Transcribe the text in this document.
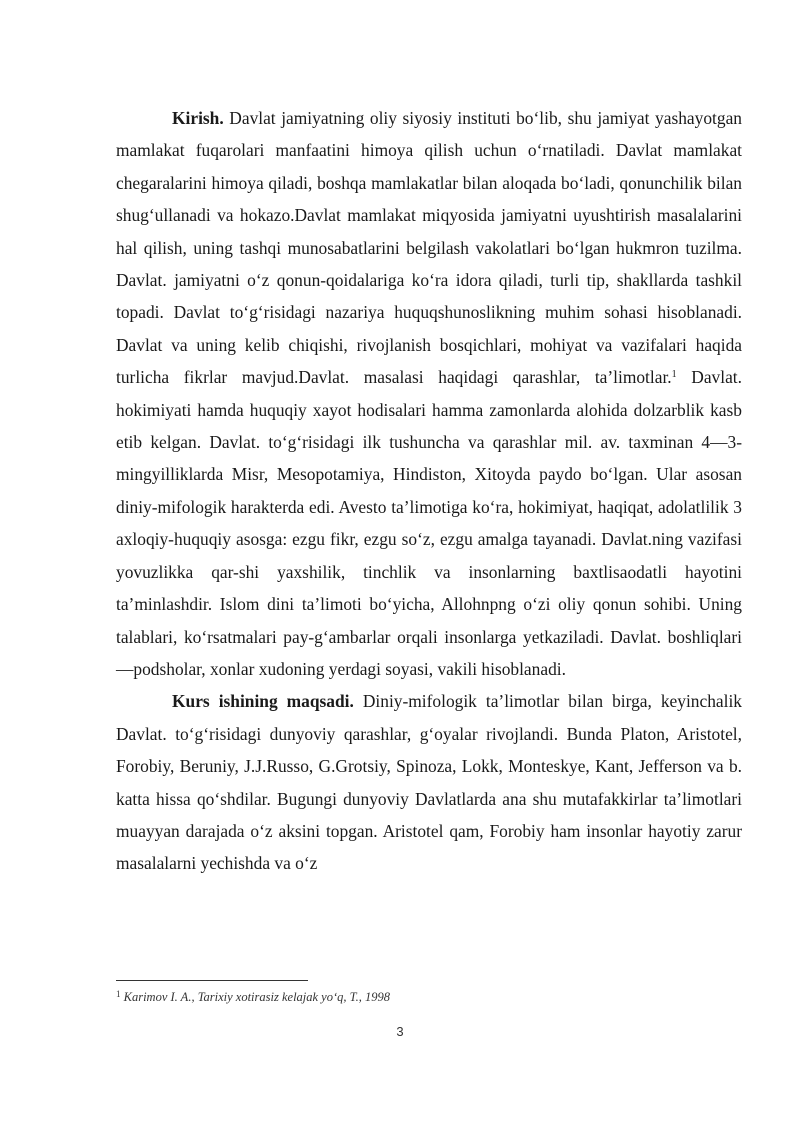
Kirish. Davlat jamiyatning oliy siyosiy instituti bo‘lib, shu jamiyat yashayotgan mamlakat fuqarolari manfaatini himoya qilish uchun o‘rnatiladi. Davlat mamlakat chegaralarini himoya qiladi, boshqa mamlakatlar bilan aloqada bo‘ladi, qonunchilik bilan shug‘ullanadi va hokazo.Davlat mamlakat miqyosida jamiyatni uyushtirish masalalarini hal qilish, uning tashqi munosabatlarini belgilash vakolatlari bo‘lgan hukmron tuzilma. Davlat. jamiyatni o‘z qonun-qoidalariga ko‘ra idora qiladi, turli tip, shakllarda tashkil topadi. Davlat to‘g‘risidagi nazariya huquqshunoslikning muhim sohasi hisoblanadi. Davlat va uning kelib chiqishi, rivojlanish bosqichlari, mohiyat va vazifalari haqida turlicha fikrlar mavjud.Davlat. masalasi haqidagi qarashlar, ta’limotlar.$^1$ Davlat. hokimiyati hamda huquqiy xayot hodisalari hamma zamonlarda alohida dolzarblik kasb etib kelgan. Davlat. to‘g‘risidagi ilk tushuncha va qarashlar mil. av. taxminan 4—3-mingyilliklarda Misr, Mesopotamiya, Hindiston, Xitoyda paydo bo‘lgan. Ular asosan diniy-mifologik harakterda edi. Avesto ta’limotiga ko‘ra, hokimiyat, haqiqat, adolatlilik 3 axloqiy-huquqiy asosga: ezgu fikr, ezgu so‘z, ezgu amalga tayanadi. Davlat.ning vazifasi yovuzlikka qar-shi yaxshilik, tinchlik va insonlarning baxtlisaodatli hayotini ta’minlashdir. Islom dini ta’limoti bo‘yicha, Allohnpng o‘zi oliy qonun sohibi. Uning talablari, ko‘rsatmalari pay-g‘ambarlar orqali insonlarga yetkaziladi. Davlat. boshliqlari—podsholar, xonlar xudoning yerdagi soyasi, vakili hisoblanadi.

Kurs ishining maqsadi. Diniy-mifologik ta’limotlar bilan birga, keyinchalik Davlat. to‘g‘risidagi dunyoviy qarashlar, g‘oyalar rivojlandi. Bunda Platon, Aristotel, Forobiy, Beruniy, J.J.Russo, G.Grotsiy, Spinoza, Lokk, Monteskye, Kant, Jefferson va b. katta hissa qo‘shdilar. Bugungi dunyoviy Davlatlarda ana shu mutafakkirlar ta’limotlari muayyan darajada o‘z aksini topgan. Aristotel qam, Forobiy ham insonlar hayotiy zarur masalalarni yechishda va o‘z

$^1$ Karimov I. A., Tarixiy xotirasiz kelajak yo‘q, T., 1998
3
